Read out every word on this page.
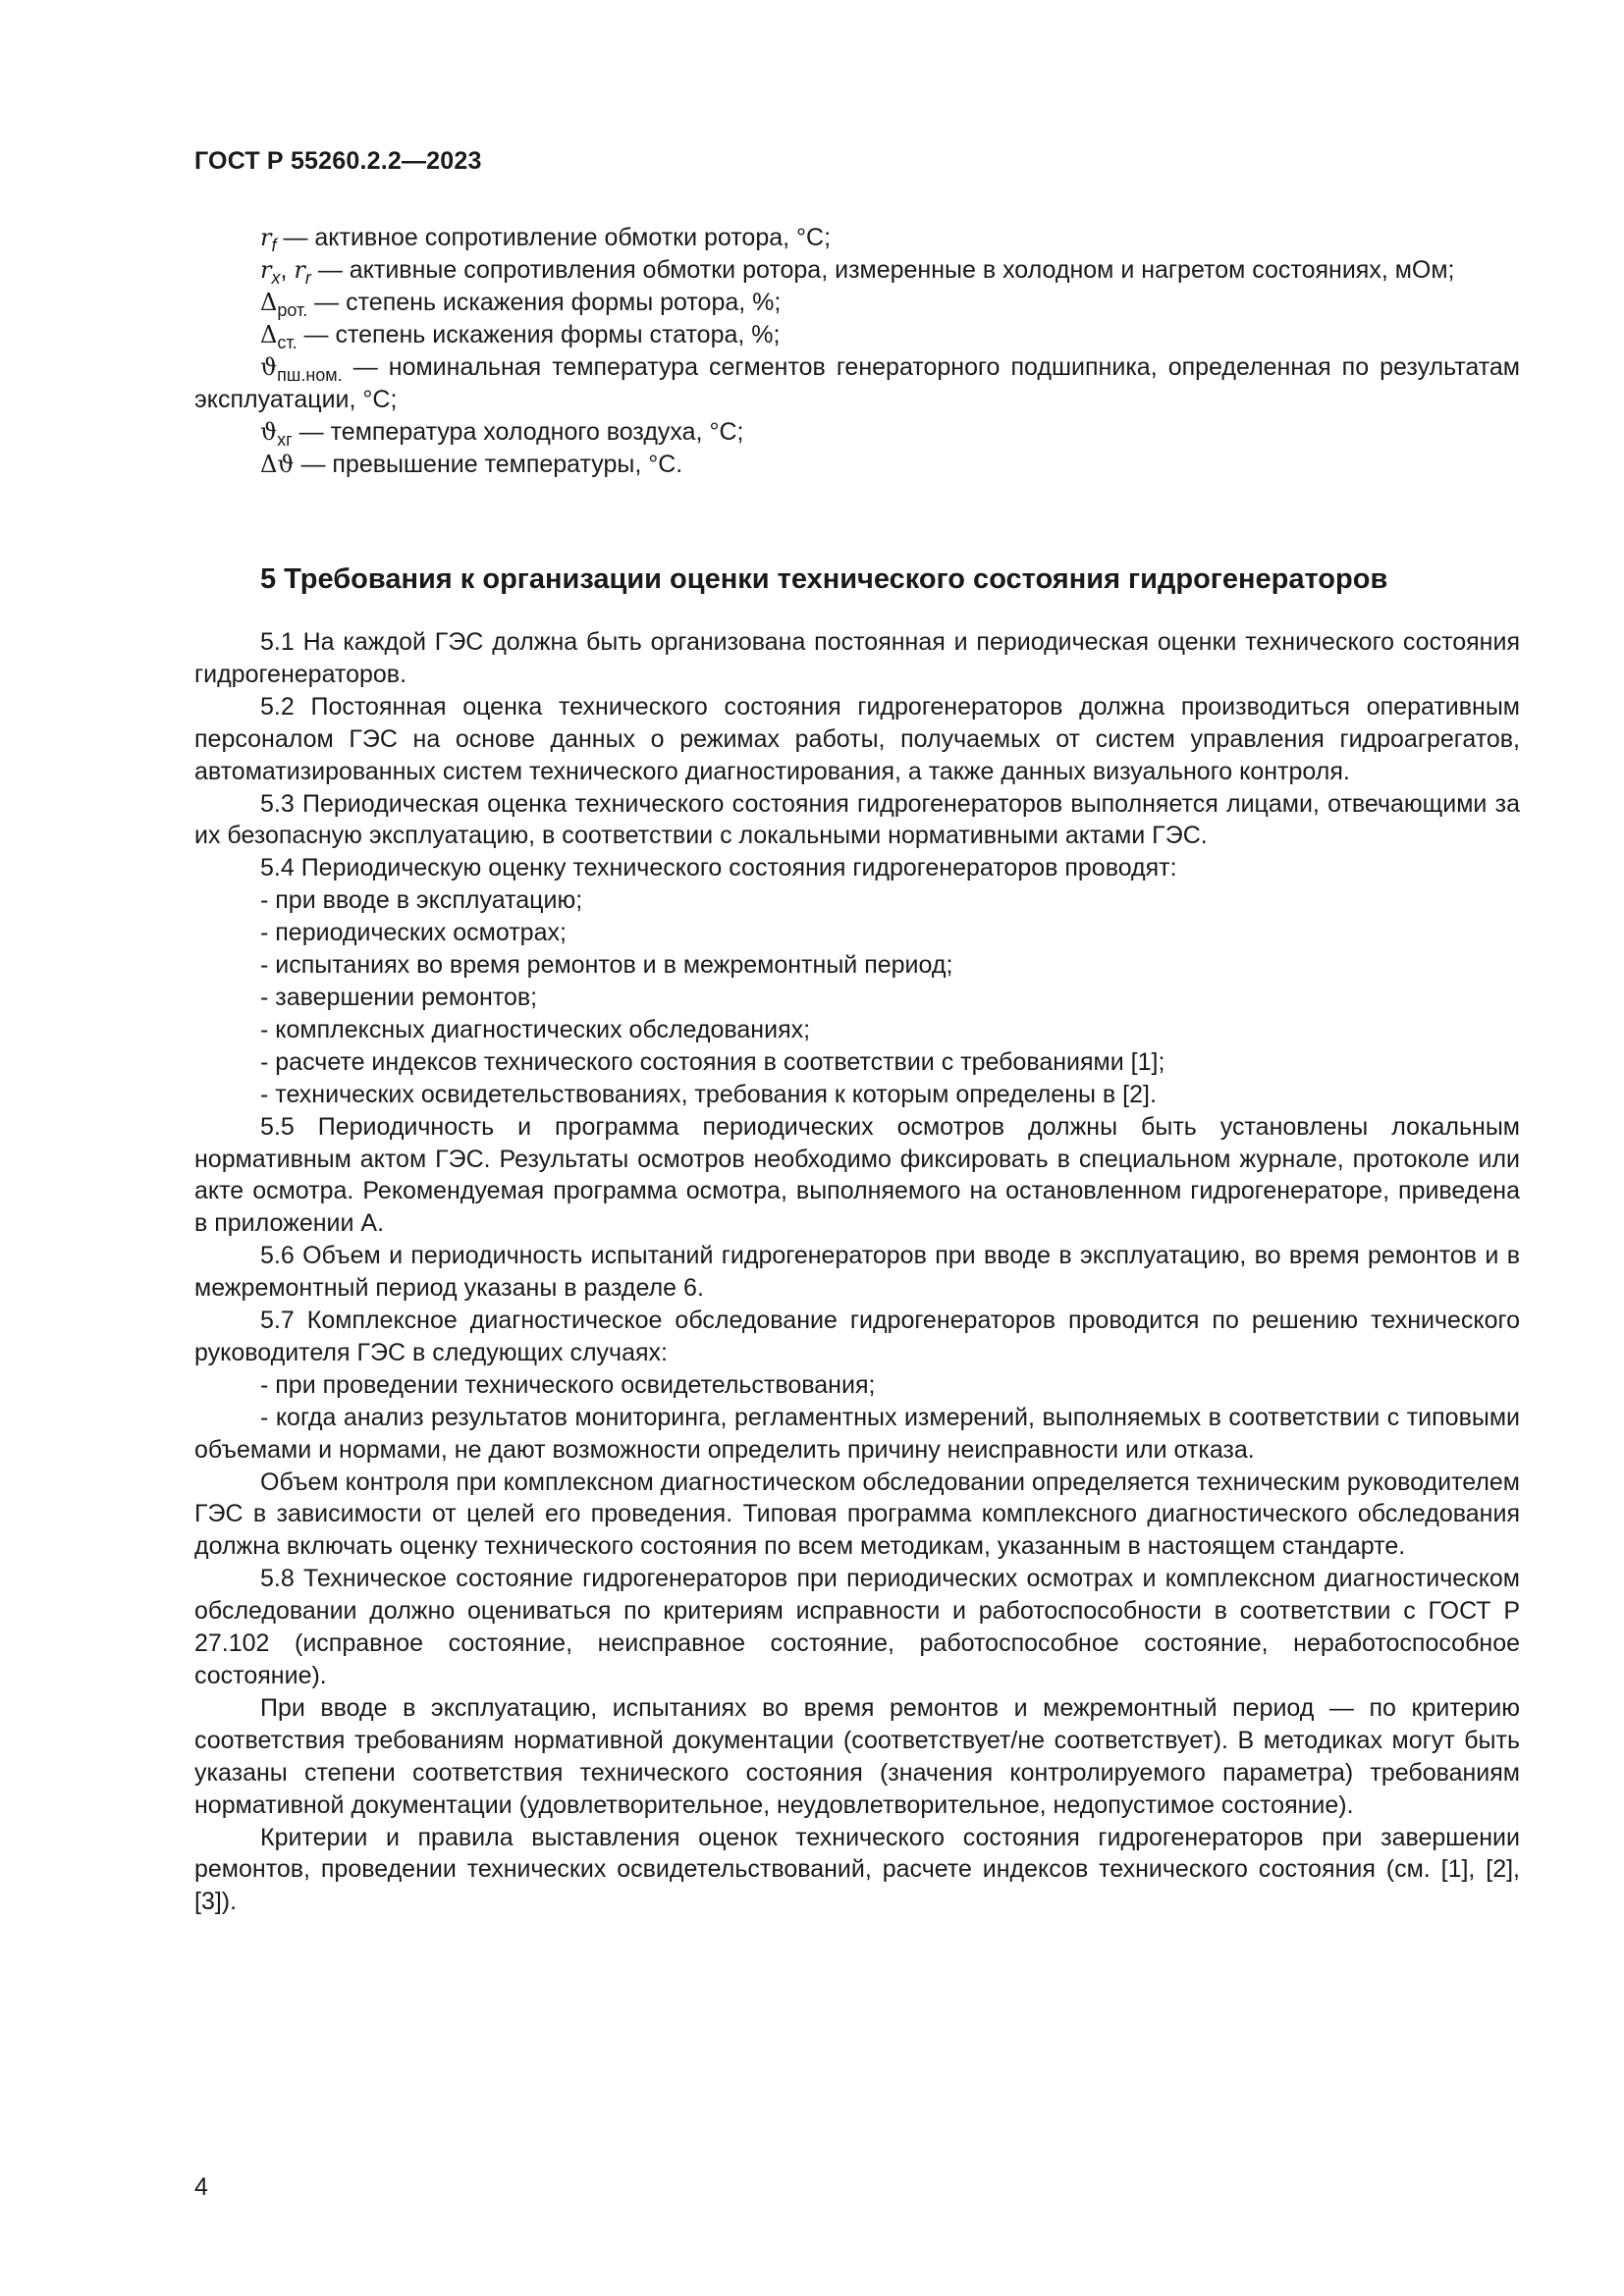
ГОСТ Р 55260.2.2—2023

$r_f$ — активное сопротивление обмотки ротора, °С;

$r_x$, $r_r$ — активные сопротивления обмотки ротора, измеренные в холодном и нагретом состояниях, мОм;

$\Delta_{рот.}$ — степень искажения формы ротора, %;

$\Delta_{ст.}$ — степень искажения формы статора, %;

$ϑ_{пш.ном.}$ — номинальная температура сегментов генераторного подшипника, определенная по результатам эксплуатации, °С;

$ϑ_{хг}$ — температура холодного воздуха, °С;

Δϑ — превышение температуры, °С.

5 Требования к организации оценки технического состояния гидрогенераторов

5.1 На каждой ГЭС должна быть организована постоянная и периодическая оценки технического состояния гидрогенераторов.

5.2 Постоянная оценка технического состояния гидрогенераторов должна производиться оперативным персоналом ГЭС на основе данных о режимах работы, получаемых от систем управления гидроагрегатов, автоматизированных систем технического диагностирования, а также данных визуального контроля.

5.3 Периодическая оценка технического состояния гидрогенераторов выполняется лицами, отвечающими за их безопасную эксплуатацию, в соответствии с локальными нормативными актами ГЭС.

5.4 Периодическую оценку технического состояния гидрогенераторов проводят:

- при вводе в эксплуатацию;

- периодических осмотрах;

- испытаниях во время ремонтов и в межремонтный период;

- завершении ремонтов;

- комплексных диагностических обследованиях;

- расчете индексов технического состояния в соответствии с требованиями [1];

- технических освидетельствованиях, требования к которым определены в [2].

5.5 Периодичность и программа периодических осмотров должны быть установлены локальным нормативным актом ГЭС. Результаты осмотров необходимо фиксировать в специальном журнале, протоколе или акте осмотра. Рекомендуемая программа осмотра, выполняемого на остановленном гидрогенераторе, приведена в приложении А.

5.6 Объем и периодичность испытаний гидрогенераторов при вводе в эксплуатацию, во время ремонтов и в межремонтный период указаны в разделе 6.

5.7 Комплексное диагностическое обследование гидрогенераторов проводится по решению технического руководителя ГЭС в следующих случаях:

- при проведении технического освидетельствования;

- когда анализ результатов мониторинга, регламентных измерений, выполняемых в соответствии с типовыми объемами и нормами, не дают возможности определить причину неисправности или отказа.

Объем контроля при комплексном диагностическом обследовании определяется техническим руководителем ГЭС в зависимости от целей его проведения. Типовая программа комплексного диагностического обследования должна включать оценку технического состояния по всем методикам, указанным в настоящем стандарте.

5.8 Техническое состояние гидрогенераторов при периодических осмотрах и комплексном диагностическом обследовании должно оцениваться по критериям исправности и работоспособности в соответствии с ГОСТ Р 27.102 (исправное состояние, неисправное состояние, работоспособное состояние, неработоспособное состояние).

При вводе в эксплуатацию, испытаниях во время ремонтов и межремонтный период — по критерию соответствия требованиям нормативной документации (соответствует/не соответствует). В методиках могут быть указаны степени соответствия технического состояния (значения контролируемого параметра) требованиям нормативной документации (удовлетворительное, неудовлетворительное, недопустимое состояние).

Критерии и правила выставления оценок технического состояния гидрогенераторов при завершении ремонтов, проведении технических освидетельствований, расчете индексов технического состояния (см. [1], [2], [3]).

4
